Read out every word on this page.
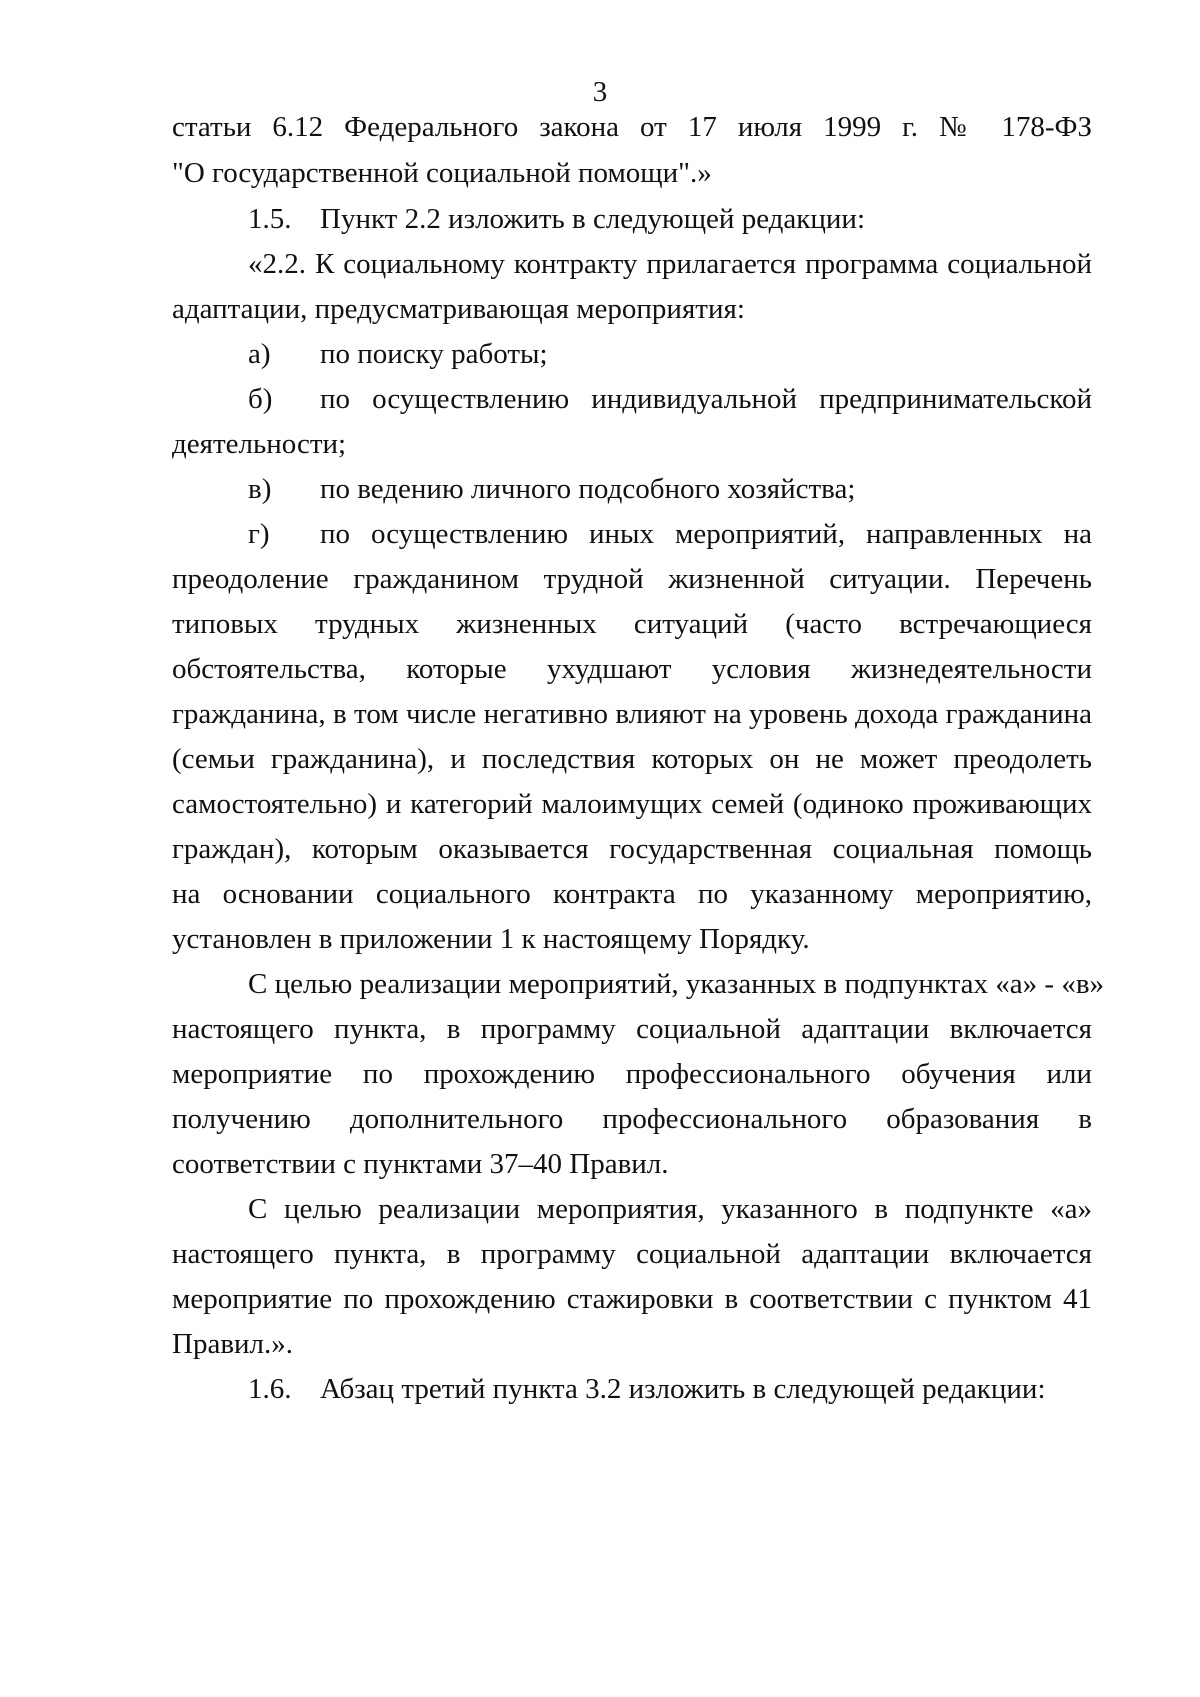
3
статьи 6.12 Федерального закона от 17 июля 1999 г. № 178-ФЗ
"О государственной социальной помощи".»
1.5. Пункт 2.2 изложить в следующей редакции:
«2.2. К социальному контракту прилагается программа социальной
адаптации, предусматривающая мероприятия:
а) по поиску работы;
б) по осуществлению индивидуальной предпринимательской
деятельности;
в) по ведению личного подсобного хозяйства;
г) по осуществлению иных мероприятий, направленных на
преодоление гражданином трудной жизненной ситуации. Перечень
типовых трудных жизненных ситуаций (часто встречающиеся
обстоятельства, которые ухудшают условия жизнедеятельности
гражданина, в том числе негативно влияют на уровень дохода гражданина
(семьи гражданина), и последствия которых он не может преодолеть
самостоятельно) и категорий малоимущих семей (одиноко проживающих
граждан), которым оказывается государственная социальная помощь
на основании социального контракта по указанному мероприятию,
установлен в приложении 1 к настоящему Порядку.
С целью реализации мероприятий, указанных в подпунктах «а» - «в»
настоящего пункта, в программу социальной адаптации включается
мероприятие по прохождению профессионального обучения или
получению дополнительного профессионального образования в
соответствии с пунктами 37–40 Правил.
С целью реализации мероприятия, указанного в подпункте «а»
настоящего пункта, в программу социальной адаптации включается
мероприятие по прохождению стажировки в соответствии с пунктом 41
Правил.».
1.6. Абзац третий пункта 3.2 изложить в следующей редакции:
